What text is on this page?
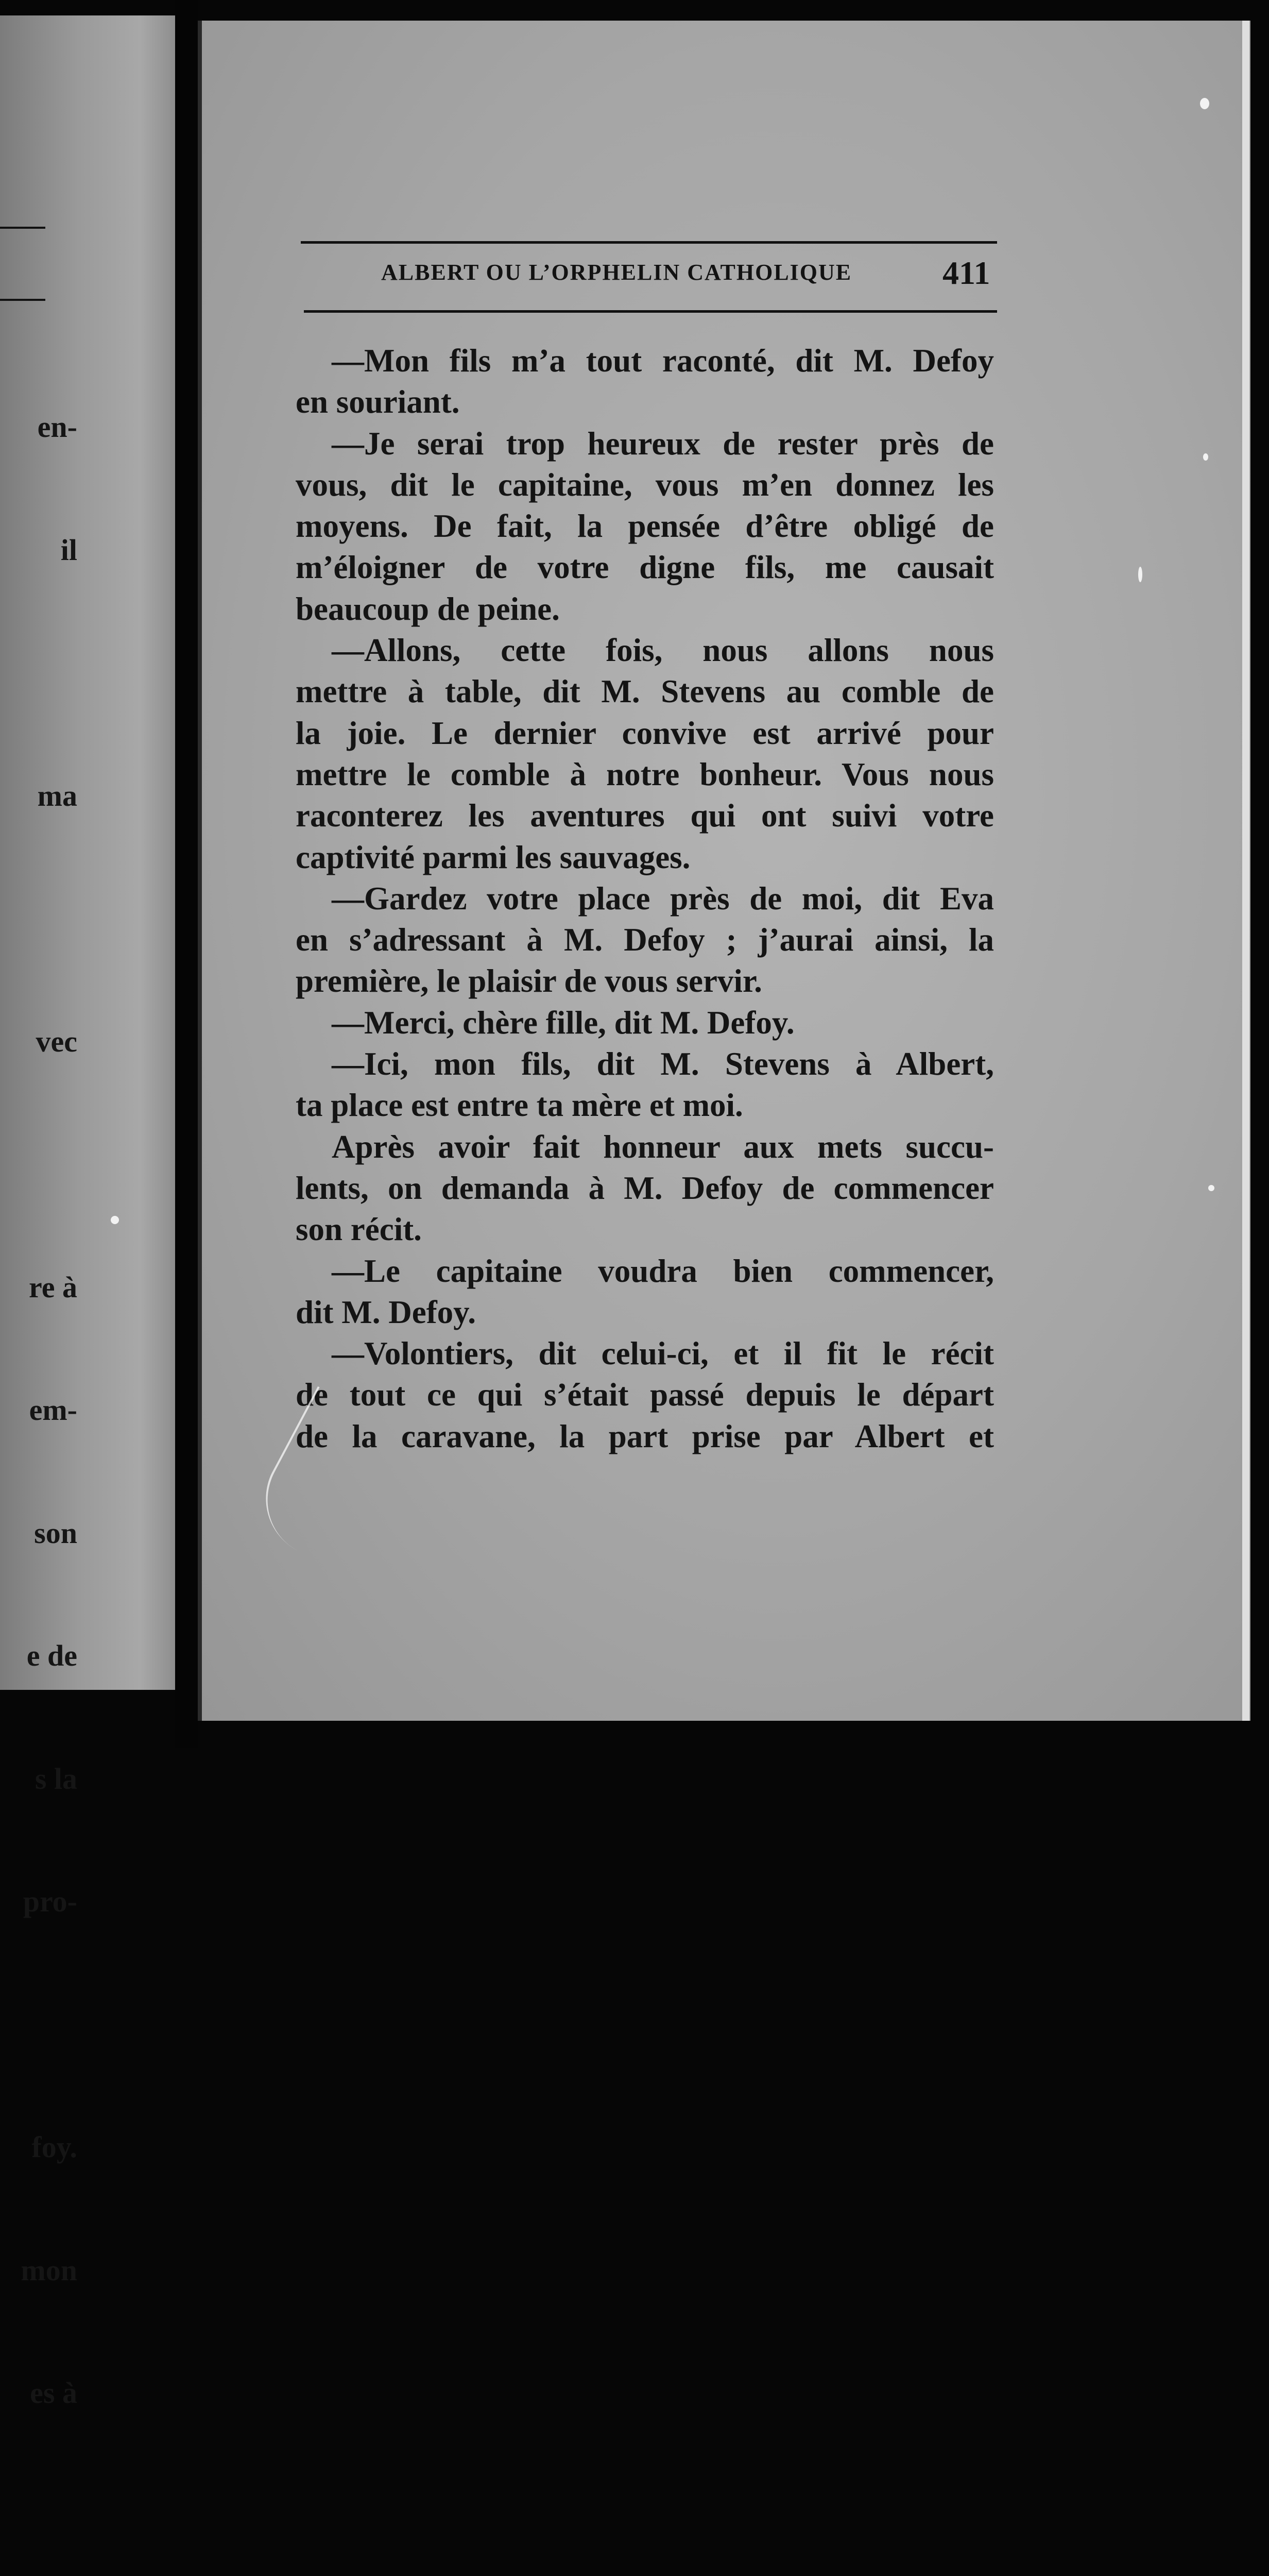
en-

il

ma

vec

re à

em-

son

e de

s la

pro-

foy.

mon

es à

ALBERT OU L’ORPHELIN CATHOLIQUE	411
—Mon fils m’a tout raconté, dit M. Defoy
en souriant.
—Je serai trop heureux de rester près de
vous, dit le capitaine, vous m’en donnez les
moyens. De fait, la pensée d’être obligé de
m’éloigner de votre digne fils, me causait
beaucoup de peine.
—Allons, cette fois, nous allons nous
mettre à table, dit M. Stevens au comble de
la joie. Le dernier convive est arrivé pour
mettre le comble à notre bonheur. Vous nous
raconterez les aventures qui ont suivi votre
captivité parmi les sauvages.
—Gardez votre place près de moi, dit Eva
en s’adressant à M. Defoy ; j’aurai ainsi, la
première, le plaisir de vous servir.
—Merci, chère fille, dit M. Defoy.
—Ici, mon fils, dit M. Stevens à Albert,
ta place est entre ta mère et moi.
Après avoir fait honneur aux mets succu-
lents, on demanda à M. Defoy de commencer
son récit.
—Le capitaine voudra bien commencer,
dit M. Defoy.
—Volontiers, dit celui-ci, et il fit le récit
de tout ce qui s’était passé depuis le départ
de la caravane, la part prise par Albert et
